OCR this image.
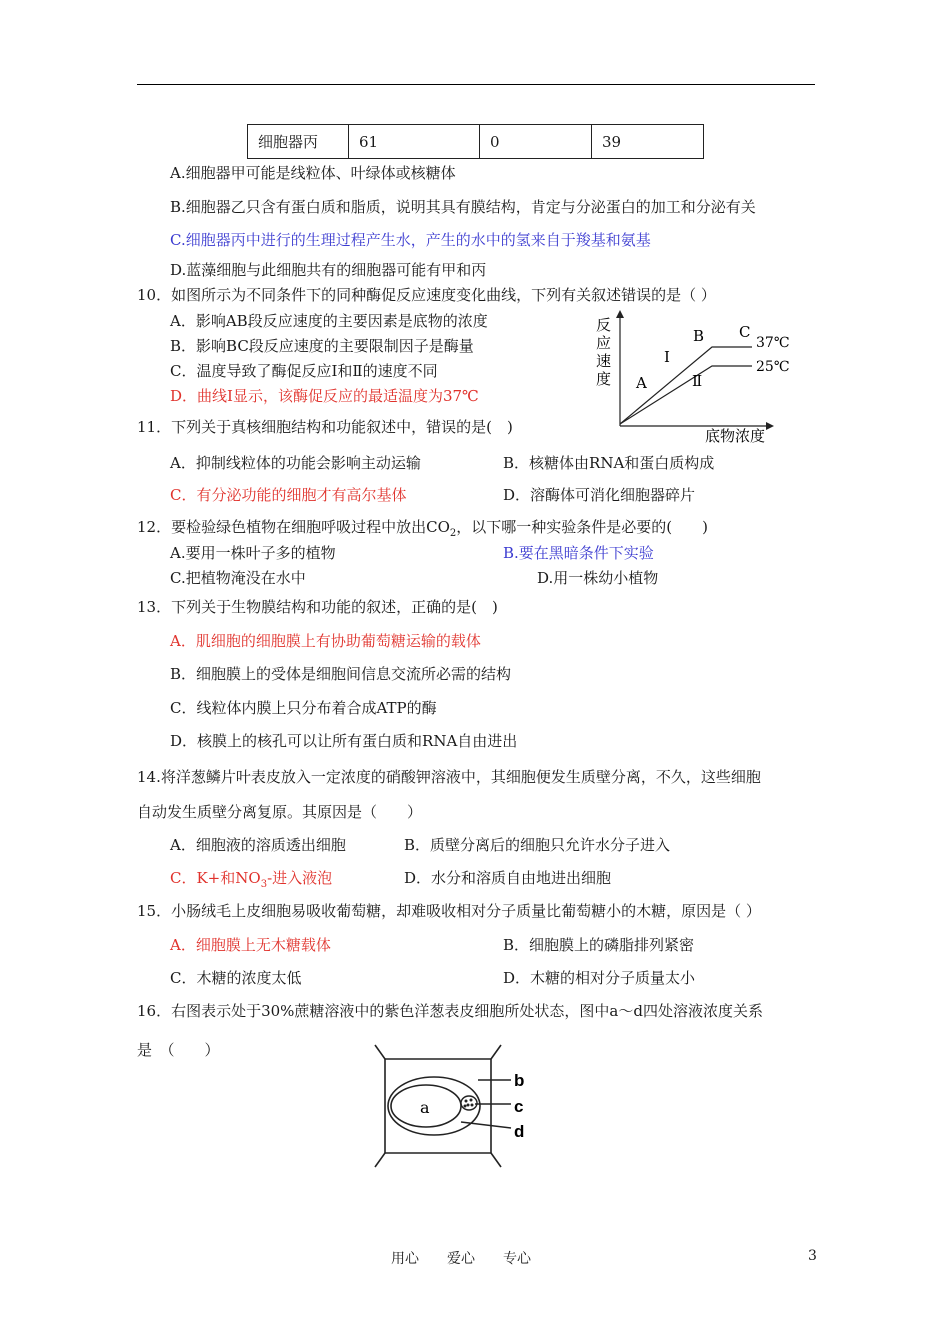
细胞器丙	61	0	39
A.细胞器甲可能是线粒体、叶绿体或核糖体
B.细胞器乙只含有蛋白质和脂质，说明其具有膜结构，肯定与分泌蛋白的加工和分泌有关
C.细胞器丙中进行的生理过程产生水，产生的水中的氢来自于羧基和氨基
D.蓝藻细胞与此细胞共有的细胞器可能有甲和丙
10．如图所示为不同条件下的同种酶促反应速度变化曲线，下列有关叙述错误的是（ ）
A．影响AB段反应速度的主要因素是底物的浓度
B．影响BC段反应速度的主要限制因子是酶量
C．温度导致了酶促反应Ⅰ和Ⅱ的速度不同
D．曲线Ⅰ显示，该酶促反应的最适温度为37℃
反
应
速
度 A
Ⅰ
Ⅱ
B C
37℃
25℃
底物浓度
11．下列关于真核细胞结构和功能叙述中，错误的是(　)
A．抑制线粒体的功能会影响主动运输	B．核糖体由RNA和蛋白质构成
C．有分泌功能的细胞才有高尔基体	D．溶酶体可消化细胞器碎片
12．要检验绿色植物在细胞呼吸过程中放出$CO_2$，以下哪一种实验条件是必要的(　　)
A.要用一株叶子多的植物	B.要在黑暗条件下实验
C.把植物淹没在水中	D.用一株幼小植物
13．下列关于生物膜结构和功能的叙述，正确的是(　)
A．肌细胞的细胞膜上有协助葡萄糖运输的载体
B．细胞膜上的受体是细胞间信息交流所必需的结构
C．线粒体内膜上只分布着合成ATP的酶
D．核膜上的核孔可以让所有蛋白质和RNA自由进出
14.将洋葱鳞片叶表皮放入一定浓度的硝酸钾溶液中，其细胞便发生质壁分离，不久，这些细胞
自动发生质壁分离复原。其原因是（　　）
A．细胞液的溶质透出细胞	B．质壁分离后的细胞只允许水分子进入
C．K+和$NO_3-$进入液泡	D．水分和溶质自由地进出细胞
15．小肠绒毛上皮细胞易吸收葡萄糖，却难吸收相对分子质量比葡萄糖小的木糖，原因是（ ）
A．细胞膜上无木糖载体	B．细胞膜上的磷脂排列紧密
C．木糖的浓度太低	D．木糖的相对分子质量太小
16．右图表示处于30%蔗糖溶液中的紫色洋葱表皮细胞所处状态，图中a～d四处溶液浓度关系
是　（　　）
a
b
c
d
用心　　爱心　　专心	3
